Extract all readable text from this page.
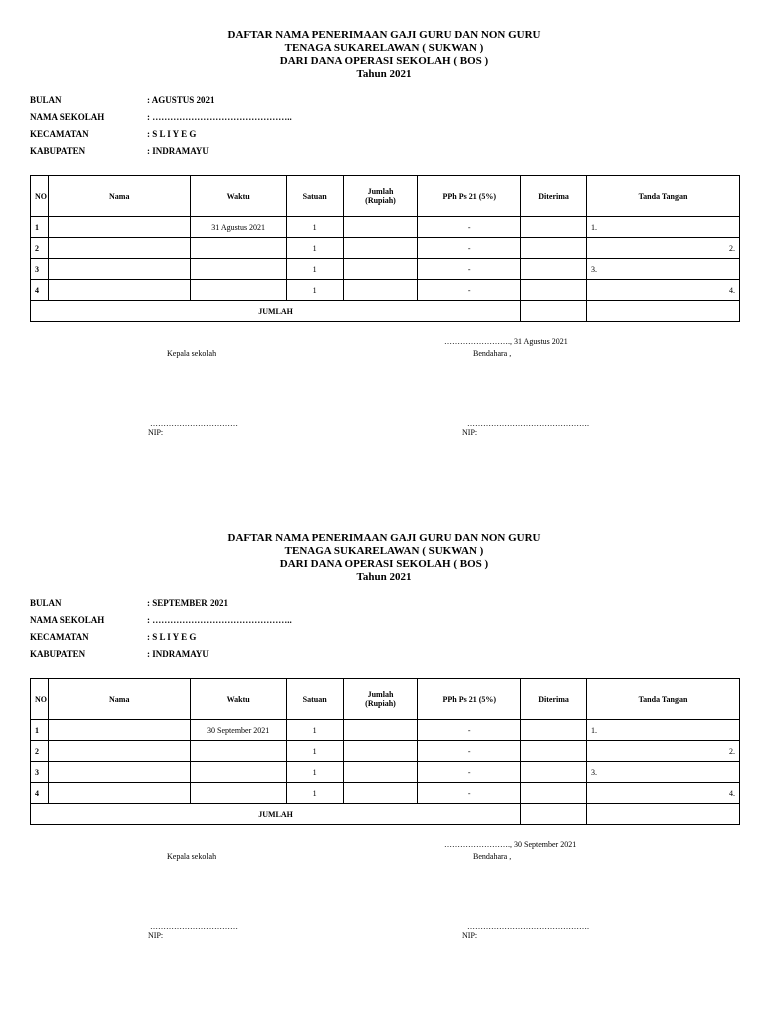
DAFTAR NAMA PENERIMAAN GAJI GURU DAN NON GURU
TENAGA SUKARELAWAN ( SUKWAN )
DARI DANA OPERASI SEKOLAH ( BOS )
Tahun 2021
BULAN	: AGUSTUS 2021
NAMA SEKOLAH	: ………………………………………..
KECAMATAN	: S L I Y E G
KABUPATEN	: INDRAMAYU
NO	Nama	Waktu	Satuan	Jumlah
(Rupiah)	PPh Ps 21 (5%)	Diterima	Tanda Tangan
1		31 Agustus 2021	1		-		1.
2			1		-		2.
3			1		-		3.
4			1		-		4.
JUMLAH							
……………………., 31 Agustus 2021
Kepala sekolah	Bendahara ,
……………………………	……………………………………….
NIP:	NIP:
DAFTAR NAMA PENERIMAAN GAJI GURU DAN NON GURU
TENAGA SUKARELAWAN ( SUKWAN )
DARI DANA OPERASI SEKOLAH ( BOS )
Tahun 2021
BULAN	: SEPTEMBER 2021
NAMA SEKOLAH	: ………………………………………..
KECAMATAN	: S L I Y E G
KABUPATEN	: INDRAMAYU
NO	Nama	Waktu	Satuan	Jumlah
(Rupiah)	PPh Ps 21 (5%)	Diterima	Tanda Tangan
1		30 September 2021	1		-		1.
2			1		-		2.
3			1		-		3.
4			1		-		4.
JUMLAH							
……………………., 30 September 2021
Kepala sekolah	Bendahara ,
……………………………	……………………………………….
NIP:	NIP:
